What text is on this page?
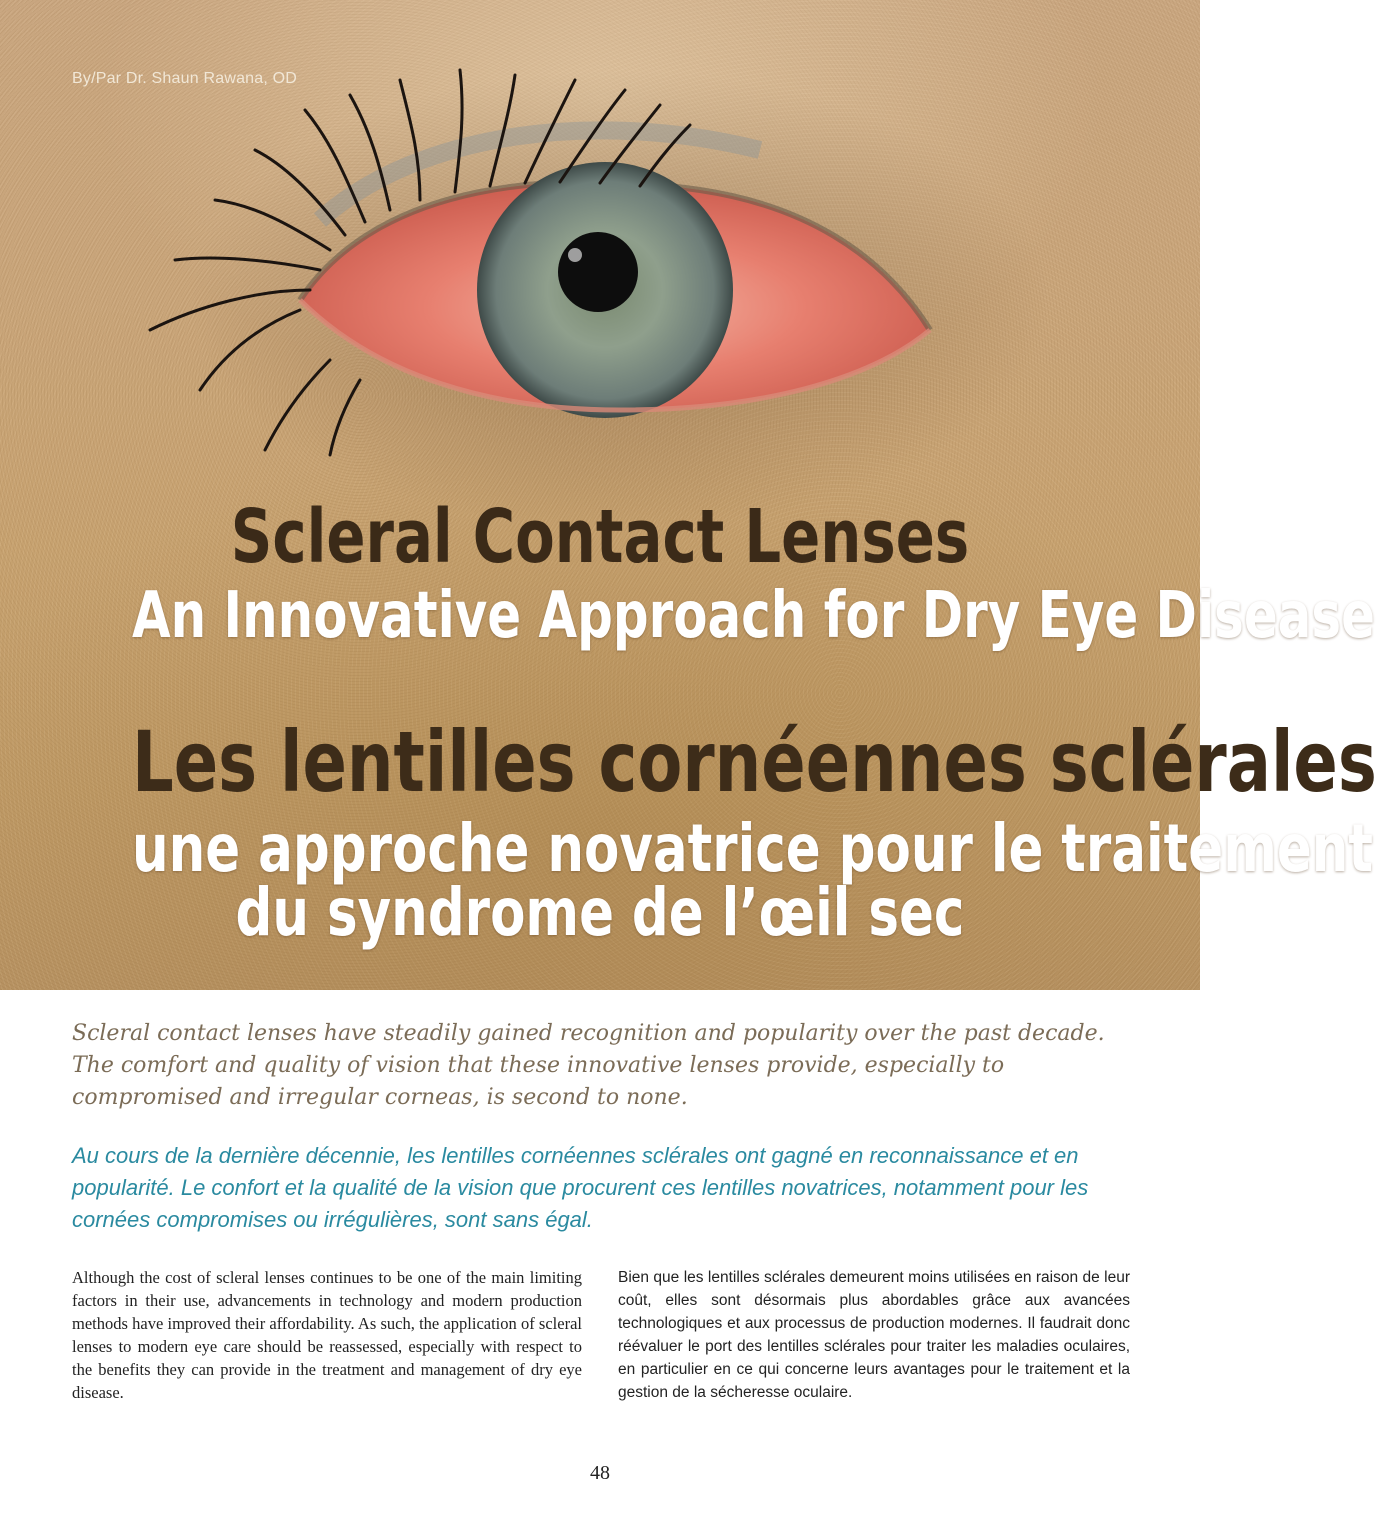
By/Par Dr. Shaun Rawana, OD
Scleral Contact Lenses
An Innovative Approach for Dry Eye Disease
Les lentilles cornéennes sclérales
une approche novatrice pour le traitement
du syndrome de l’œil sec

Scleral contact lenses have steadily gained recognition and popularity over the past decade. The comfort and quality of vision that these innovative lenses provide, especially to compromised and irregular corneas, is second to none.

Au cours de la dernière décennie, les lentilles cornéennes sclérales ont gagné en reconnaissance et en popularité. Le confort et la qualité de la vision que procurent ces lentilles novatrices, notamment pour les cornées compromises ou irrégulières, sont sans égal.

Although the cost of scleral lenses continues to be one of the main limiting factors in their use, advancements in technology and modern production methods have improved their affordability. As such, the application of scleral lenses to modern eye care should be reassessed, especially with respect to the benefits they can provide in the treatment and management of dry eye disease.

Bien que les lentilles sclérales demeurent moins utilisées en raison de leur coût, elles sont désormais plus abordables grâce aux avancées technologiques et aux processus de production modernes. Il faudrait donc réévaluer le port des lentilles sclérales pour traiter les maladies oculaires, en particulier en ce qui concerne leurs avantages pour le traitement et la gestion de la sécheresse oculaire.

48
